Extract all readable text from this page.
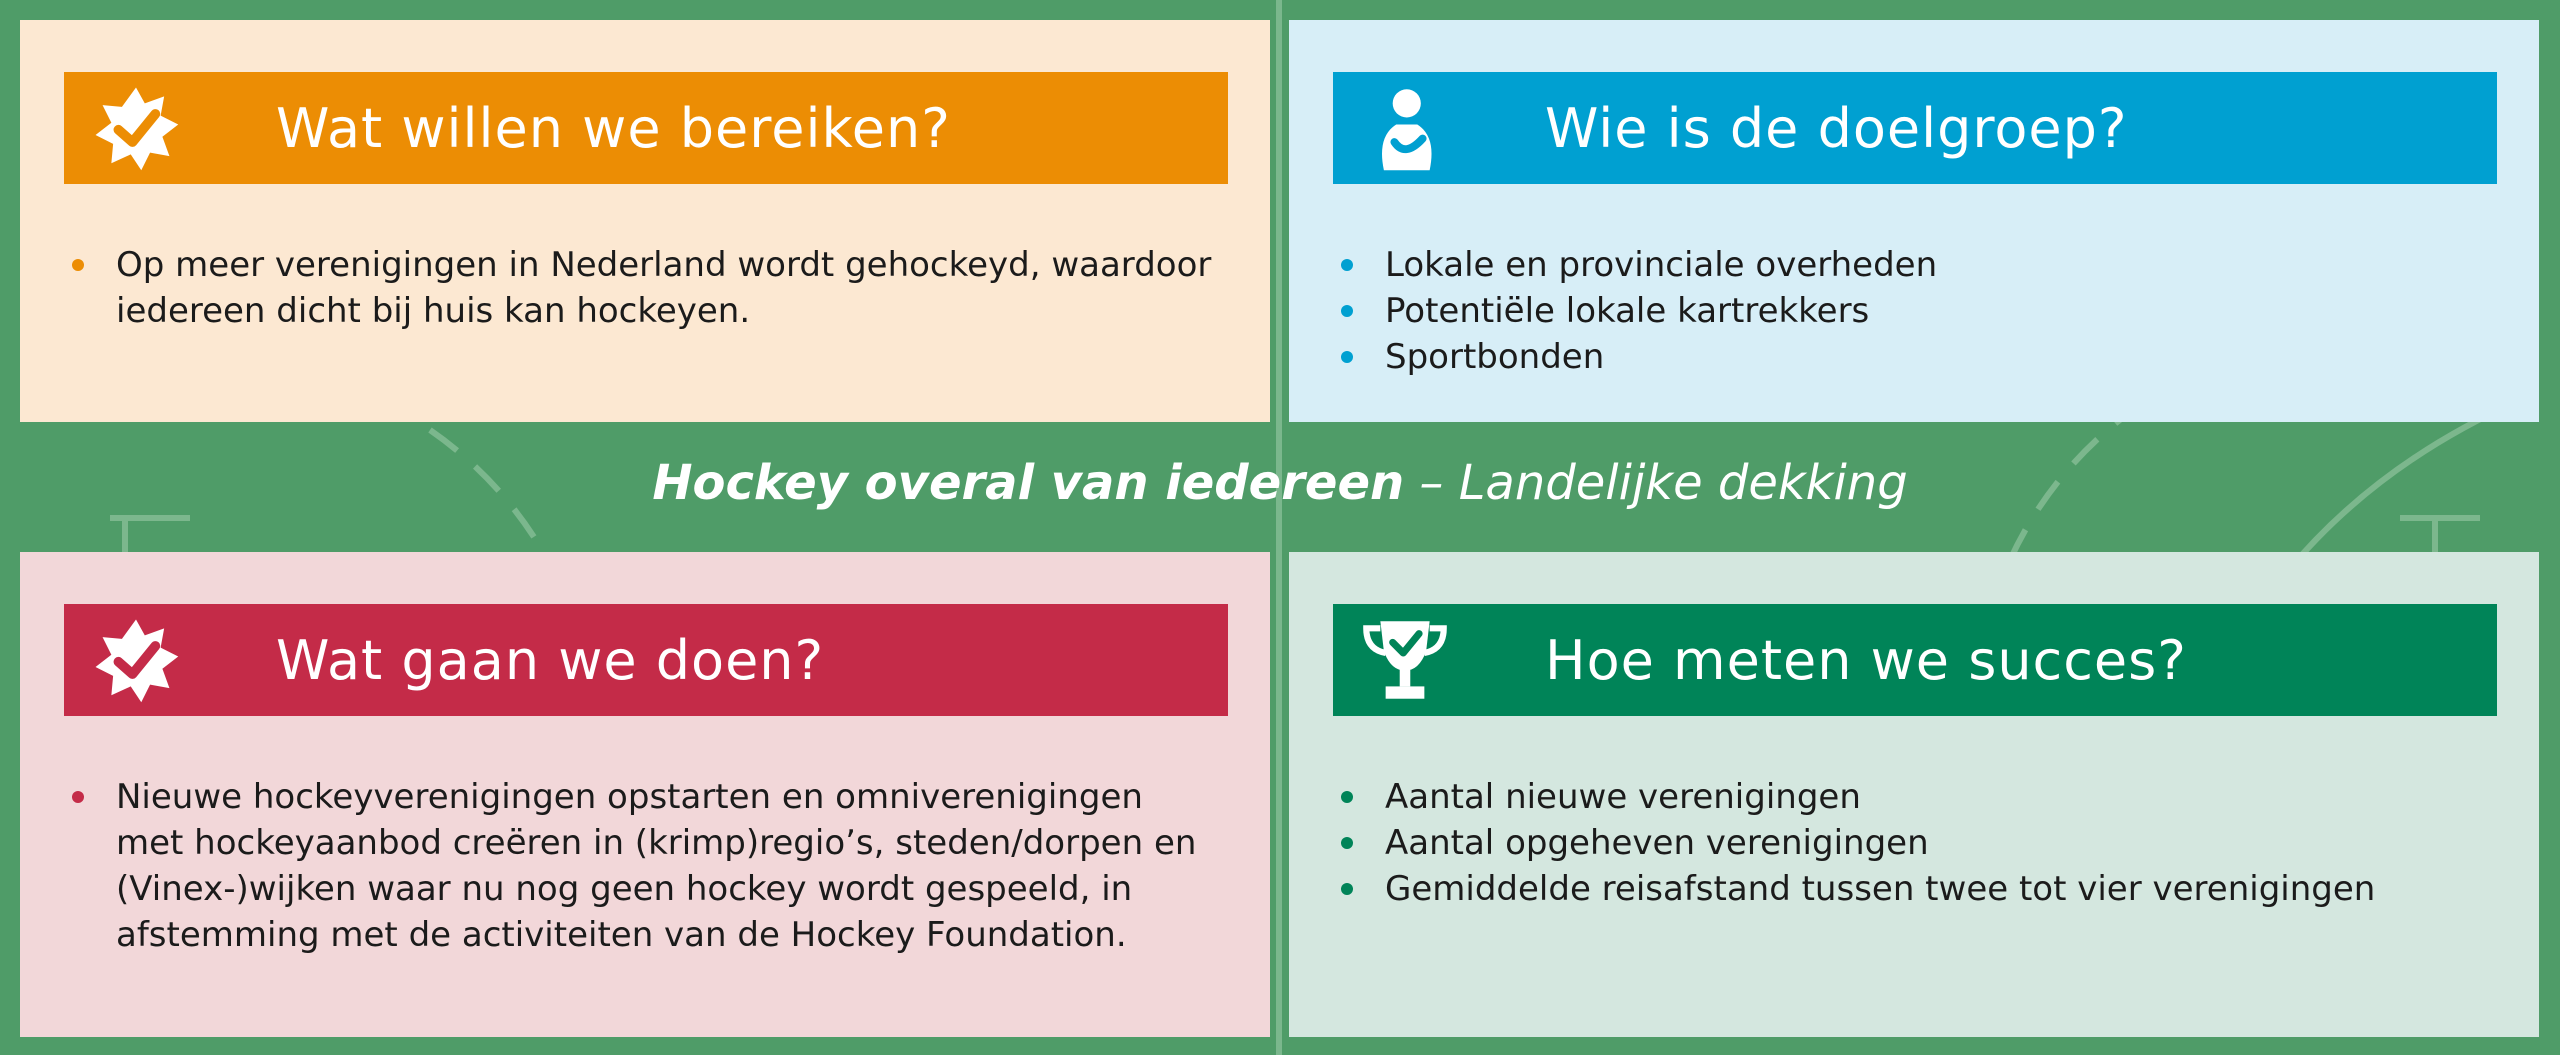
Wat willen we bereiken?
Op meer verenigingen in Nederland wordt gehockeyd, waardoor iedereen dicht bij huis kan hockeyen.
Wie is de doelgroep?
Lokale en provinciale overheden
Potentiële lokale kartrekkers
Sportbonden
Hockey overal van iedereen – Landelijke dekking
Wat gaan we doen?
Nieuwe hockeyverenigingen opstarten en omniverenigingen met hockeyaanbod creëren in (krimp)regio’s, steden/dorpen en (Vinex-)wijken waar nu nog geen hockey wordt gespeeld, in afstemming met de activiteiten van de Hockey Foundation.
Hoe meten we succes?
Aantal nieuwe verenigingen
Aantal opgeheven verenigingen
Gemiddelde reisafstand tussen twee tot vier verenigingen
